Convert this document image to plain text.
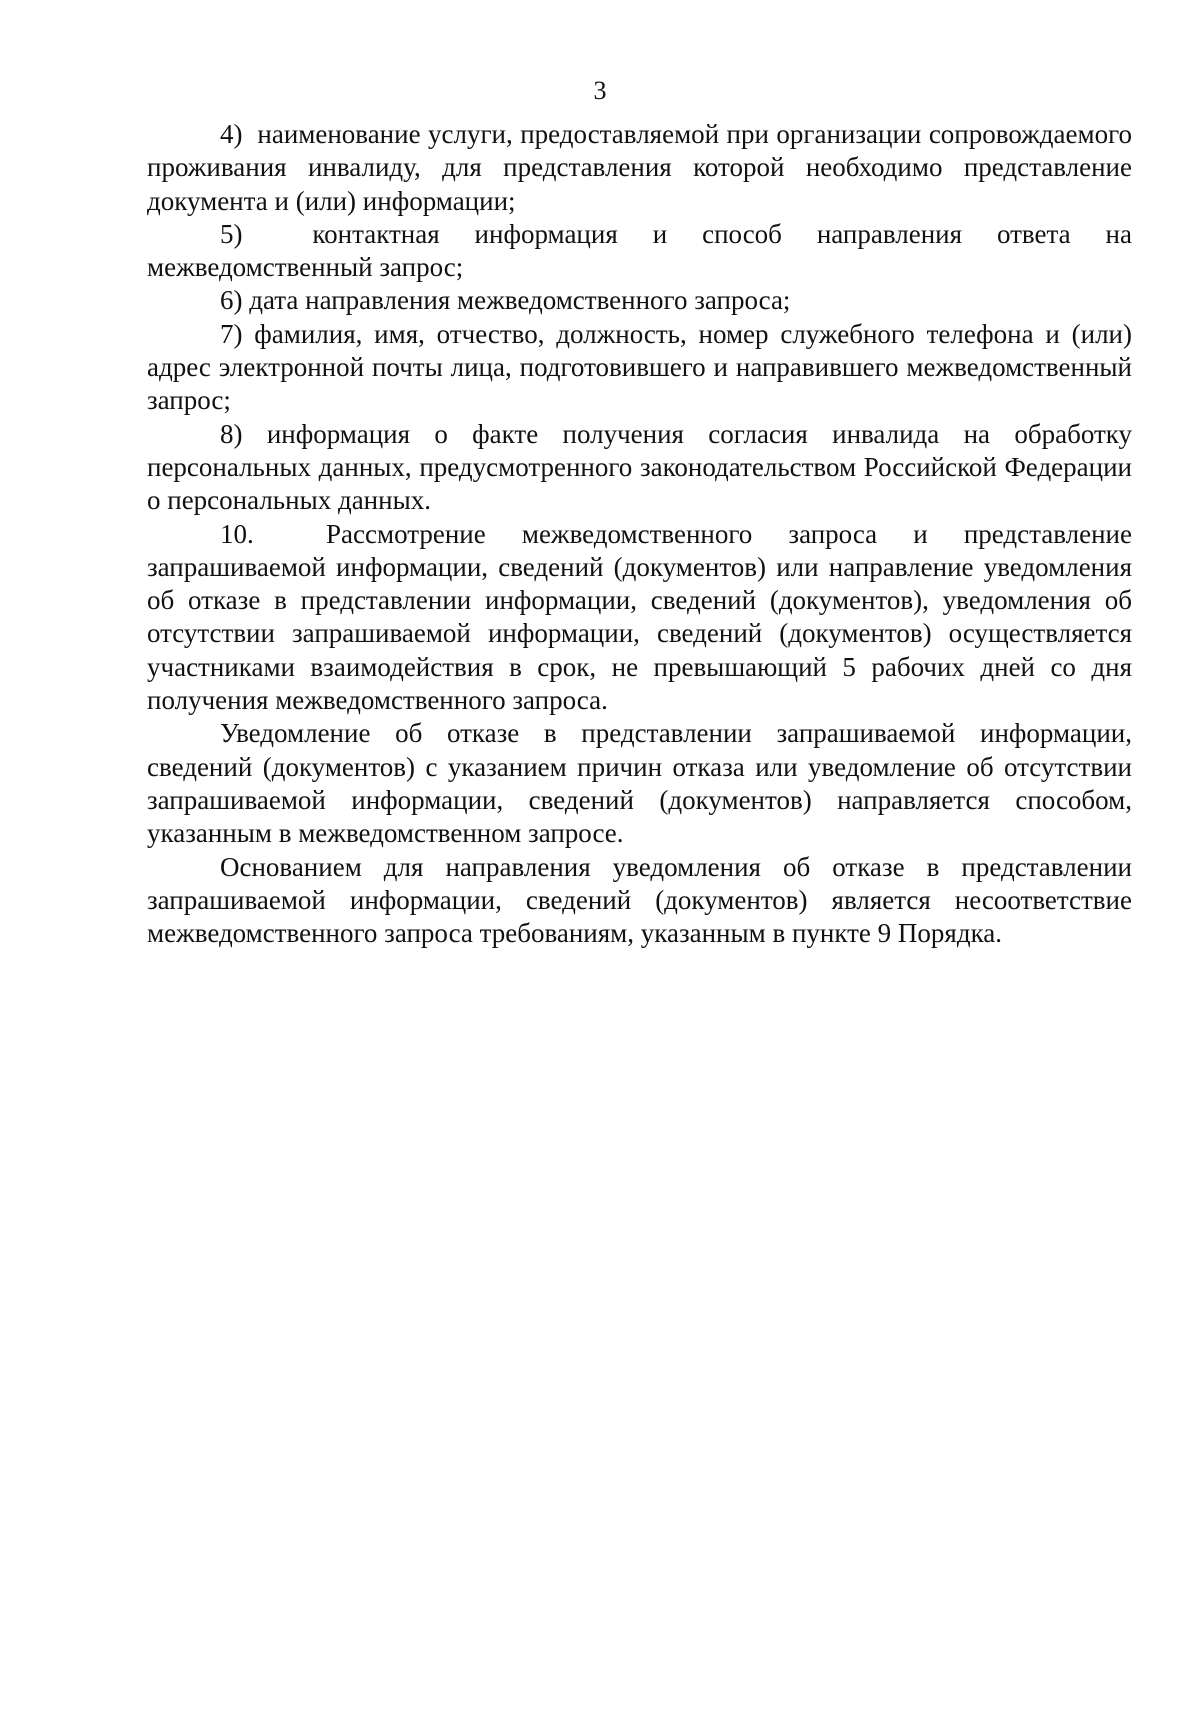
3

4)  наименование услуги, предоставляемой при организации сопровождаемого проживания инвалиду, для представления которой необходимо представление документа и (или) информации;

5)  контактная информация и способ направления ответа на межведомственный запрос;

6) дата направления межведомственного запроса;

7) фамилия, имя, отчество, должность, номер служебного телефона и (или) адрес электронной почты лица, подготовившего и направившего межведомственный запрос;

8) информация о факте получения согласия инвалида на обработку персональных данных, предусмотренного законодательством Российской Федерации о персональных данных.

10.  Рассмотрение межведомственного запроса и представление запрашиваемой информации, сведений (документов) или направление уведомления об отказе в представлении информации, сведений (документов), уведомления об отсутствии запрашиваемой информации, сведений (документов) осуществляется участниками взаимодействия в срок, не превышающий 5 рабочих дней со дня получения межведомственного запроса.

Уведомление об отказе в представлении запрашиваемой информации, сведений (документов) с указанием причин отказа или уведомление об отсутствии запрашиваемой информации, сведений (документов) направляется способом, указанным в межведомственном запросе.

Основанием для направления уведомления об отказе в представлении запрашиваемой информации, сведений (документов) является несоответствие межведомственного запроса требованиям, указанным в пункте 9 Порядка.
